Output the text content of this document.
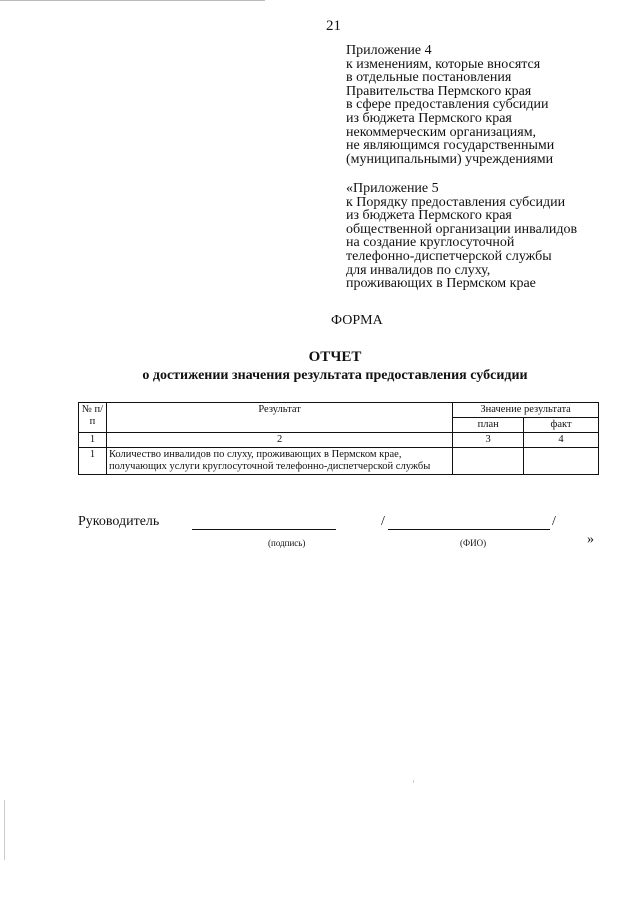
21
Приложение 4
к изменениям, которые вносятся
в отдельные постановления
Правительства Пермского края
в сфере предоставления субсидии
из бюджета Пермского края
некоммерческим организациям,
не являющимся государственными
(муниципальными) учреждениями
«Приложение 5
к Порядку предоставления субсидии
из бюджета Пермского края
общественной организации инвалидов
на создание круглосуточной
телефонно-диспетчерской службы
для инвалидов по слуху,
проживающих в Пермском крае
ФОРМА
ОТЧЕТ
о достижении значения результата предоставления субсидии
№ п/п	Результат	Значение результата	
		план	факт
1	2	3	4
1	Количество инвалидов по слуху, проживающих в Пермском крае, получающих услуги круглосуточной телефонно-диспетчерской службы		
Руководитель	/	/
(подпись)	(ФИО)	»
